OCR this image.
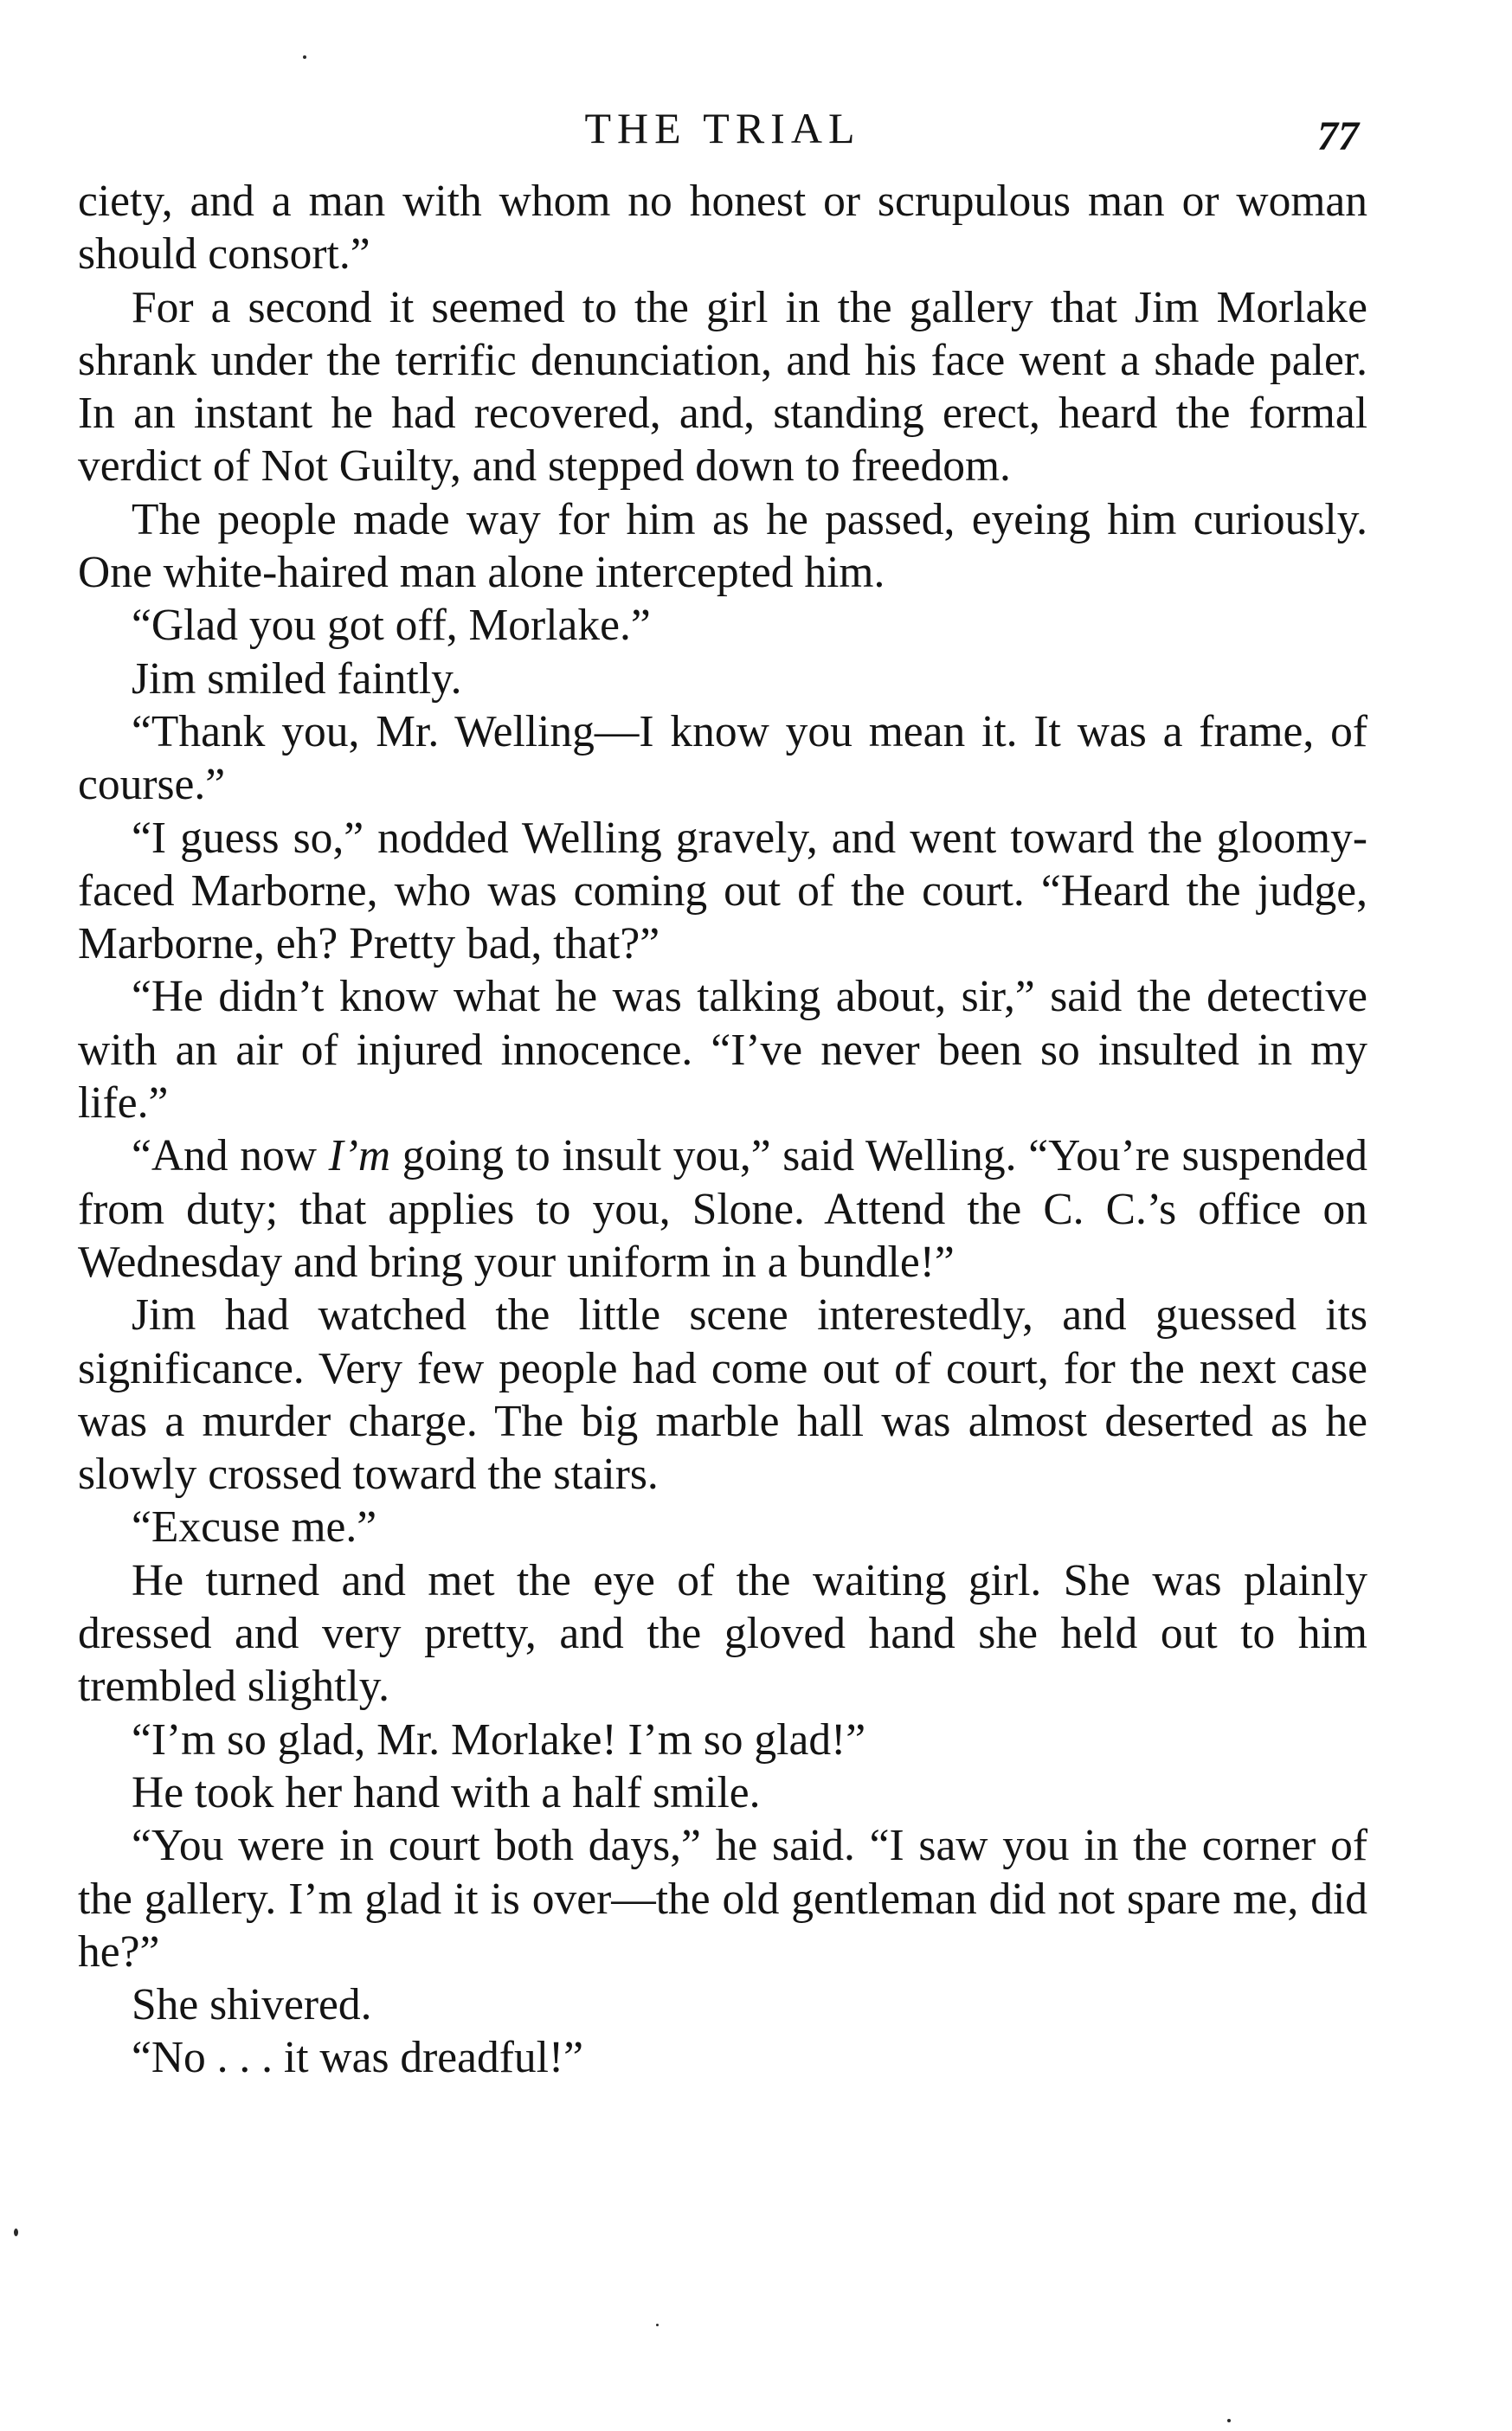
THE TRIAL	77

ciety, and a man with whom no honest or scrupulous man or woman should consort.”

For a second it seemed to the girl in the gallery that Jim Morlake shrank under the terrific denunciation, and his face went a shade paler. In an instant he had recovered, and, standing erect, heard the formal verdict of Not Guilty, and stepped down to freedom.

The people made way for him as he passed, eyeing him curiously. One white-haired man alone intercepted him.

“Glad you got off, Morlake.”

Jim smiled faintly.

“Thank you, Mr. Welling—I know you mean it. It was a frame, of course.”

“I guess so,” nodded Welling gravely, and went toward the gloomy-faced Marborne, who was coming out of the court. “Heard the judge, Marborne, eh? Pretty bad, that?”

“He didn’t know what he was talking about, sir,” said the detective with an air of injured innocence. “I’ve never been so insulted in my life.”

“And now I’m going to insult you,” said Welling. “You’re suspended from duty; that applies to you, Slone. Attend the C. C.’s office on Wednesday and bring your uniform in a bundle!”

Jim had watched the little scene interestedly, and guessed its significance. Very few people had come out of court, for the next case was a murder charge. The big marble hall was almost deserted as he slowly crossed toward the stairs.

“Excuse me.”

He turned and met the eye of the waiting girl. She was plainly dressed and very pretty, and the gloved hand she held out to him trembled slightly.

“I’m so glad, Mr. Morlake! I’m so glad!”

He took her hand with a half smile.

“You were in court both days,” he said. “I saw you in the corner of the gallery. I’m glad it is over—the old gentleman did not spare me, did he?”

She shivered.

“No . . . it was dreadful!”
